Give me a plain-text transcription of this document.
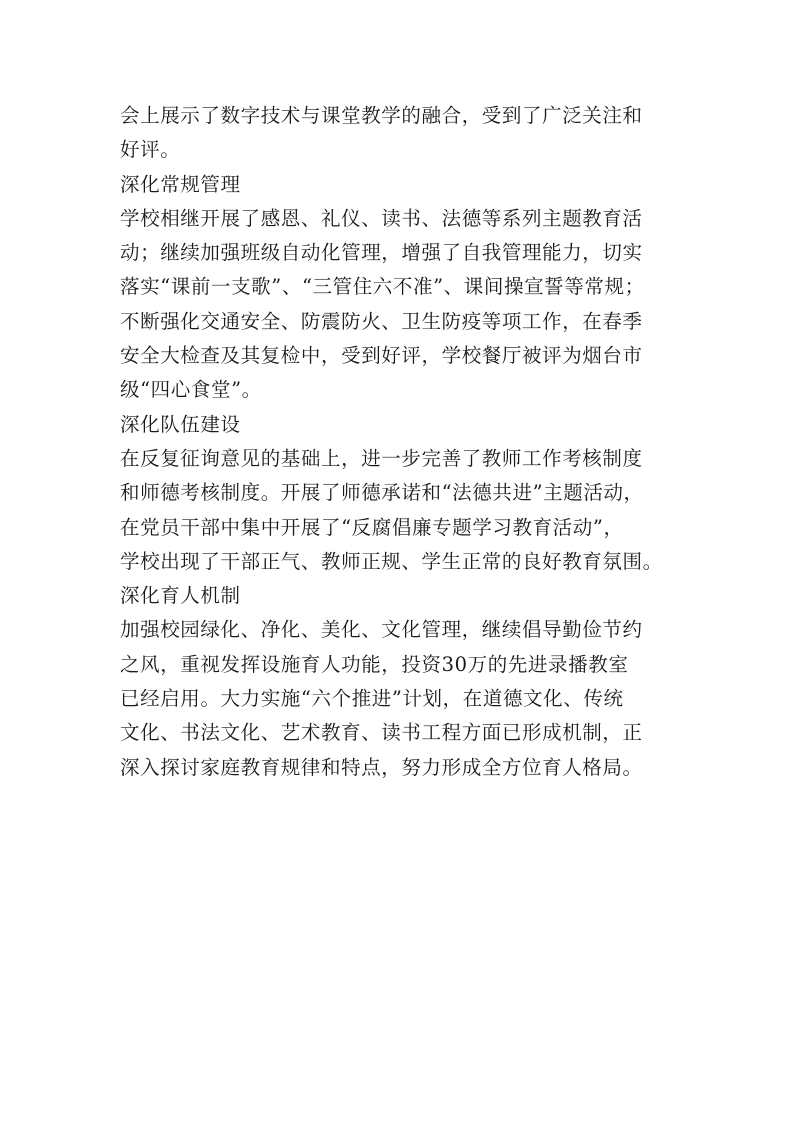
会上展示了数字技术与课堂教学的融合，受到了广泛关注和
好评。
深化常规管理
学校相继开展了感恩、礼仪、读书、法德等系列主题教育活
动；继续加强班级自动化管理，增强了自我管理能力，切实
落实“课前一支歌”、“三管住六不准”、课间操宣誓等常规；
不断强化交通安全、防震防火、卫生防疫等项工作，在春季
安全大检查及其复检中，受到好评，学校餐厅被评为烟台市
级“四心食堂”。
深化队伍建设
在反复征询意见的基础上，进一步完善了教师工作考核制度
和师德考核制度。开展了师德承诺和“法德共进”主题活动，
在党员干部中集中开展了“反腐倡廉专题学习教育活动”，
学校出现了干部正气、教师正规、学生正常的良好教育氛围。
深化育人机制
加强校园绿化、净化、美化、文化管理，继续倡导勤俭节约
之风，重视发挥设施育人功能，投资30万的先进录播教室
已经启用。大力实施“六个推进”计划，在道德文化、传统
文化、书法文化、艺术教育、读书工程方面已形成机制，正
深入探讨家庭教育规律和特点，努力形成全方位育人格局。
